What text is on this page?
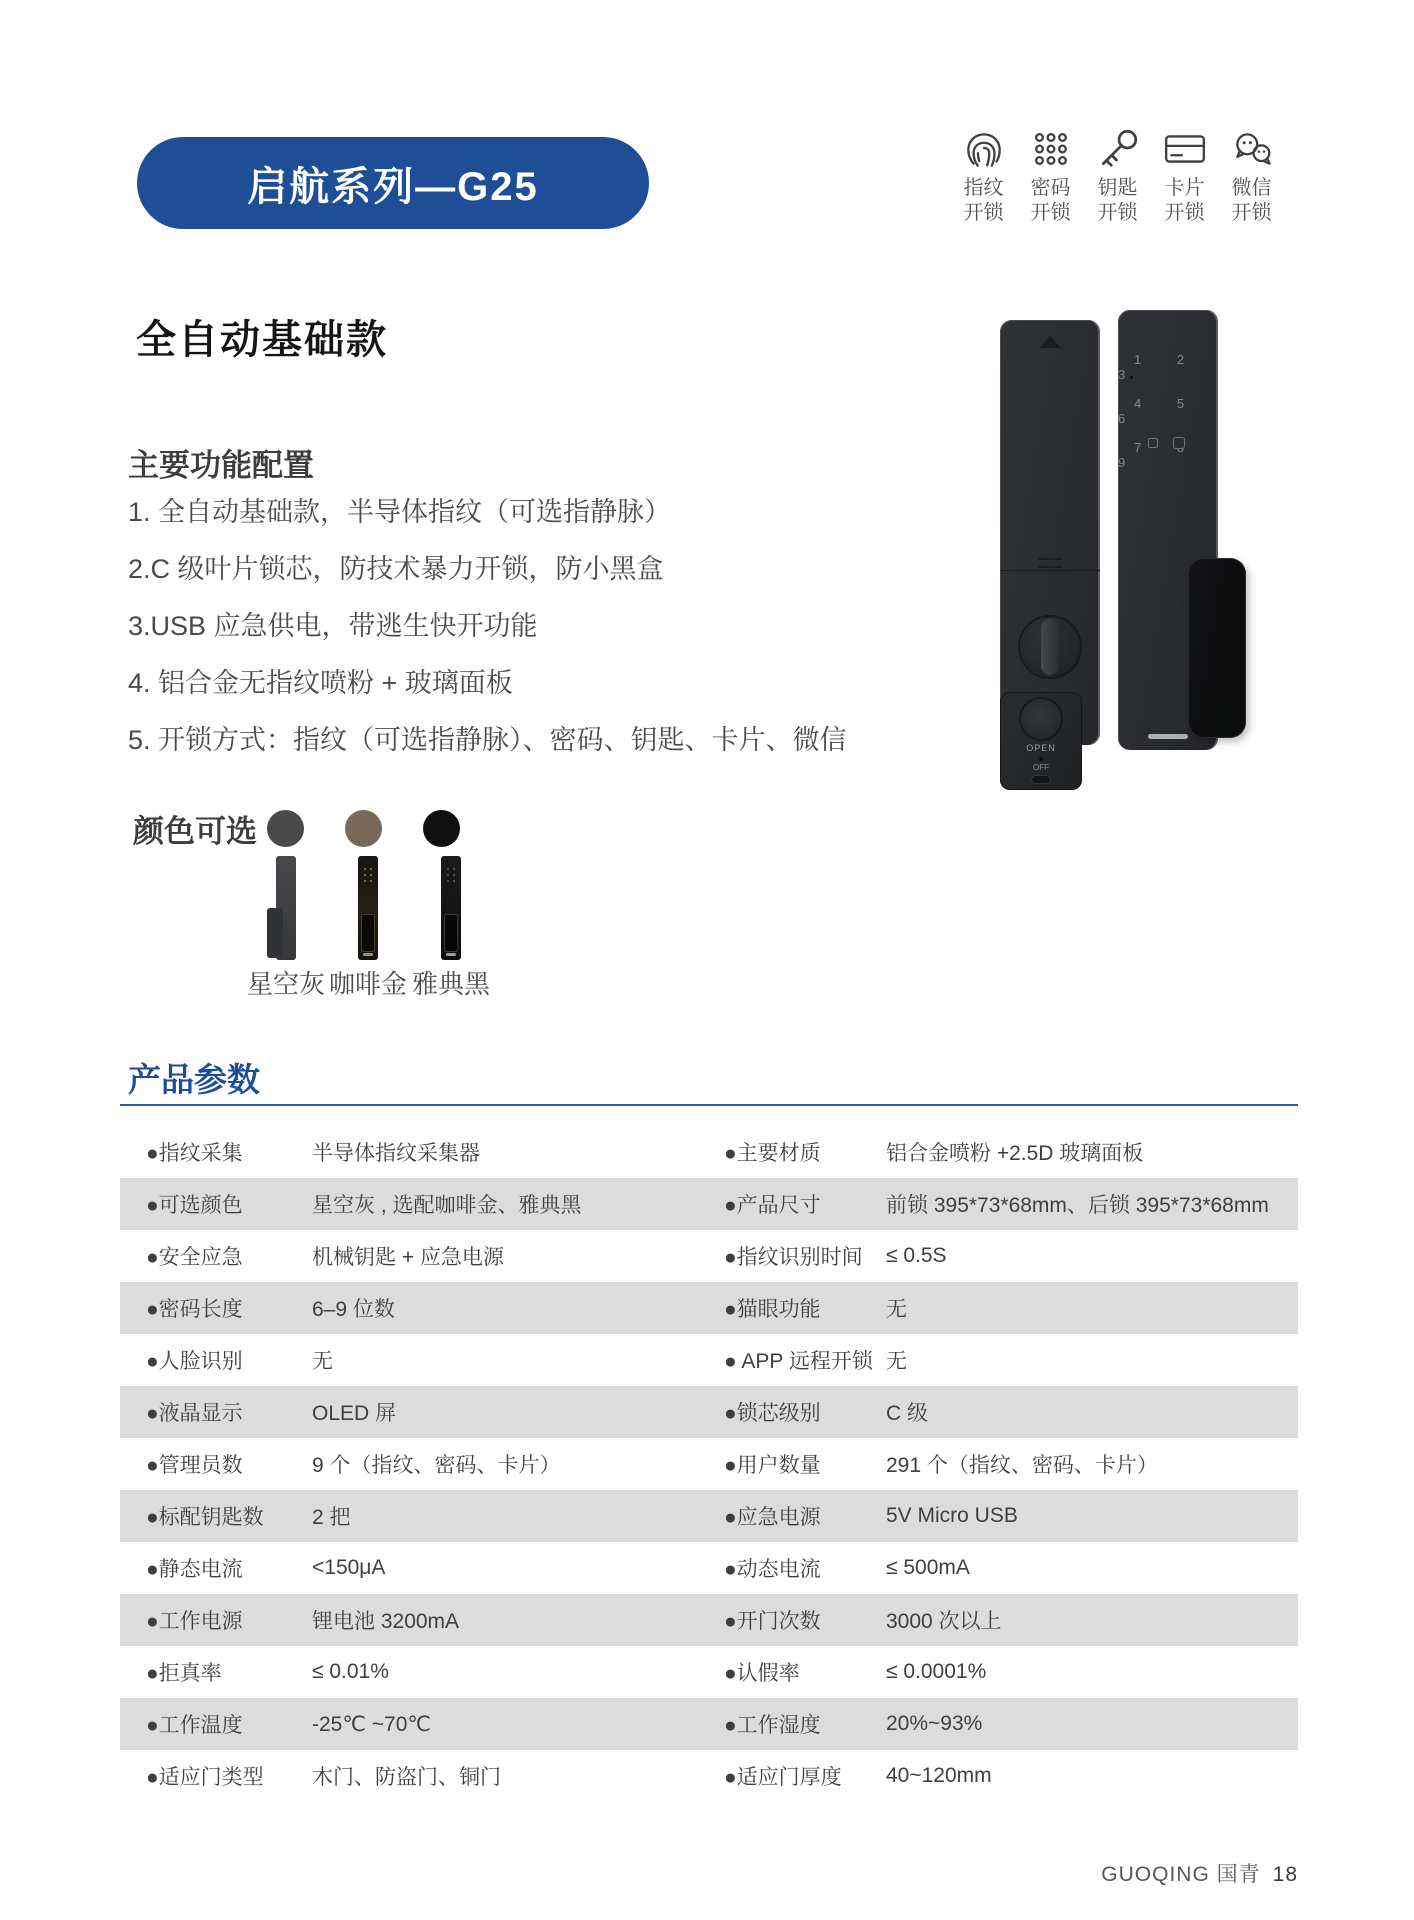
启航系列—G25	指纹
开锁
密码
开锁
钥匙
开锁
卡片
开锁
微信
开锁
全自动基础款
主要功能配置
1. 全自动基础款，半导体指纹（可选指静脉）
2.C 级叶片锁芯，防技术暴力开锁，防小黑盒
3.USB 应急供电，带逃生快开功能
4. 铝合金无指纹喷粉 + 玻璃面板
5. 开锁方式：指纹（可选指静脉）、密码、钥匙、卡片、微信
颜色可选
星空灰 咖啡金 雅典黑
OPEN
OFF
1 2 3
4 5 6
7 8 9
产品参数
●指纹采集	半导体指纹采集器	●主要材质	铝合金喷粉 +2.5D 玻璃面板
●可选颜色	星空灰 , 选配咖啡金、雅典黑	●产品尺寸	前锁 395*73*68mm、后锁 395*73*68mm
●安全应急	机械钥匙 + 应急电源	●指纹识别时间	≤ 0.5S
●密码长度	6–9 位数	●猫眼功能	无
●人脸识别	无	● APP 远程开锁 无
●液晶显示	OLED 屏	●锁芯级别	C 级
●管理员数	9 个（指纹、密码、卡片）	●用户数量	291 个（指纹、密码、卡片）
●标配钥匙数	2 把	●应急电源	5V Micro USB
●静态电流	<150μA	●动态电流	≤ 500mA
●工作电源	锂电池 3200mA	●开门次数	3000 次以上
●拒真率	≤ 0.01%	●认假率	≤ 0.0001%
●工作温度	-25℃ ~70℃	●工作湿度	20%~93%
●适应门类型	木门、防盗门、铜门	●适应门厚度	40~120mm
GUOQING 国青 18
